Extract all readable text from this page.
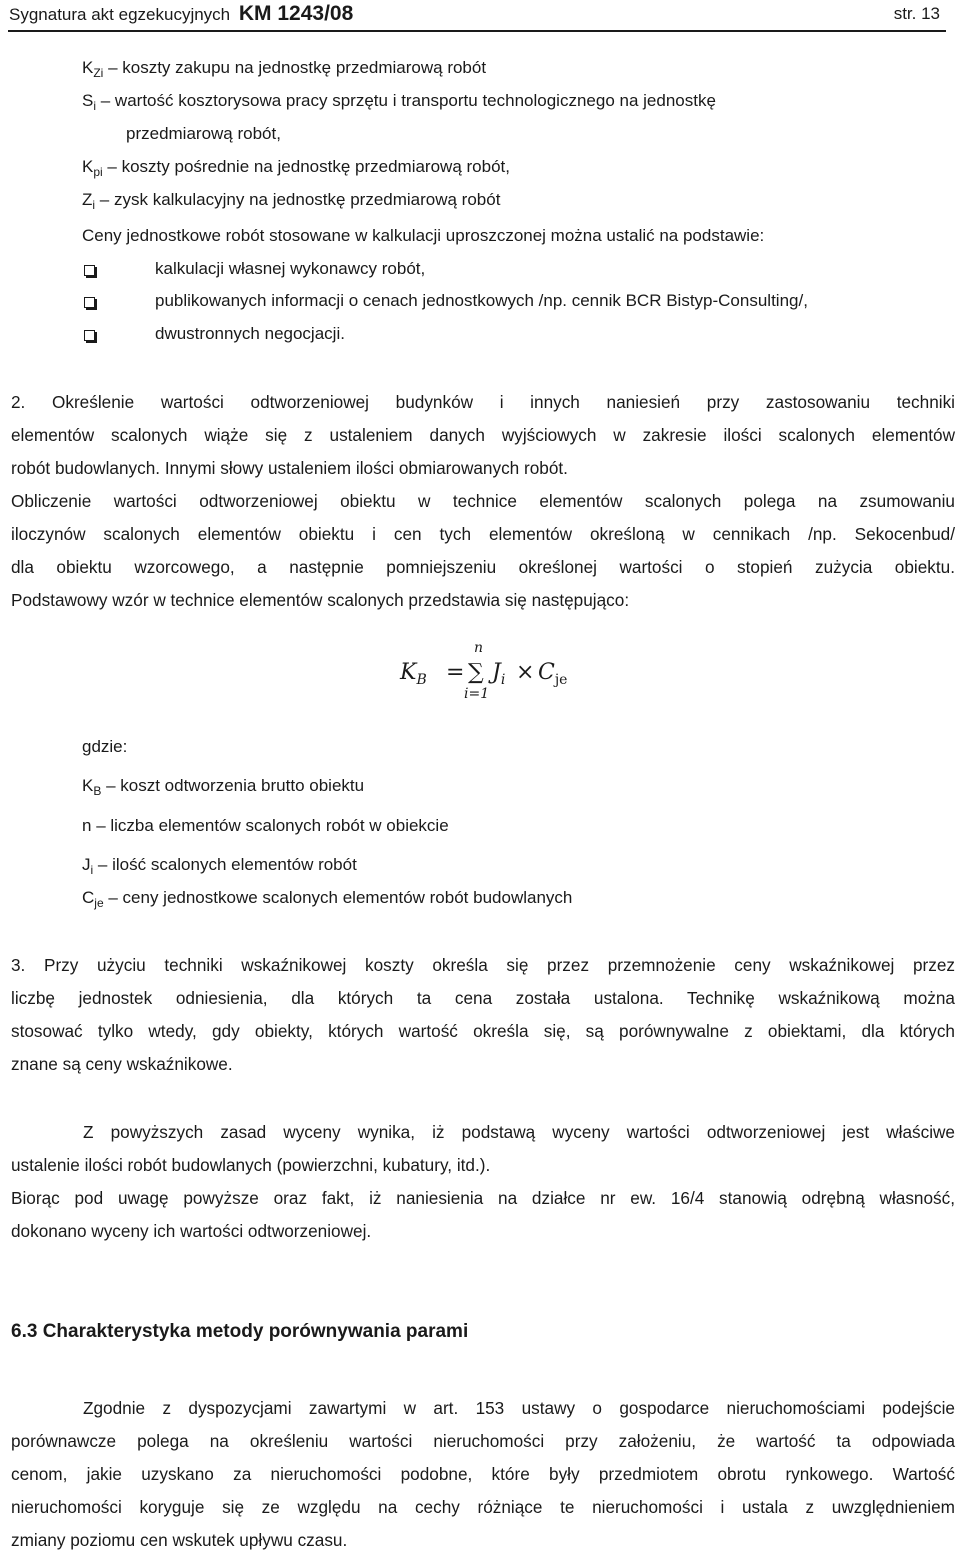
Sygnatura akt egzekucyjnych KM 1243/08	str. 13
$K_{Zi}$ – koszty zakupu na jednostkę przedmiarową robót
$S_i$ – wartość kosztorysowa pracy sprzętu i transportu technologicznego na jednostkę
przedmiarową robót,
$K_{pi}$ – koszty pośrednie na jednostkę przedmiarową robót,
$Z_i$ – zysk kalkulacyjny na jednostkę przedmiarową robót
Ceny jednostkowe robót stosowane w kalkulacji uproszczonej można ustalić na podstawie:
kalkulacji własnej wykonawcy robót,
publikowanych informacji o cenach jednostkowych /np. cennik BCR Bistyp-Consulting/,
dwustronnych negocjacji.
2. Określenie wartości odtworzeniowej budynków i innych naniesień przy zastosowaniu techniki
elementów scalonych wiąże się z ustaleniem danych wyjściowych w zakresie ilości scalonych elementów
robót budowlanych. Innymi słowy ustaleniem ilości obmiarowanych robót.
Obliczenie wartości odtworzeniowej obiektu w technice elementów scalonych polega na zsumowaniu
iloczynów scalonych elementów obiektu i cen tych elementów określoną w cennikach /np. Sekocenbud/
dla obiektu wzorcowego, a następnie pomniejszeniu określonej wartości o stopień zużycia obiektu.
Podstawowy wzór w technice elementów scalonych przedstawia się następująco:
$K_B$ =
n
∑
i=1
$J_i \times C_{je}$
gdzie:
$K_B$ – koszt odtworzenia brutto obiektu
n – liczba elementów scalonych robót w obiekcie
$J_i$ – ilość scalonych elementów robót
$C_{je}$ – ceny jednostkowe scalonych elementów robót budowlanych
3. Przy użyciu techniki wskaźnikowej koszty określa się przez przemnożenie ceny wskaźnikowej przez
liczbę jednostek odniesienia, dla których ta cena została ustalona. Technikę wskaźnikową można
stosować tylko wtedy, gdy obiekty, których wartość określa się, są porównywalne z obiektami, dla których
znane są ceny wskaźnikowe.
Z powyższych zasad wyceny wynika, iż podstawą wyceny wartości odtworzeniowej jest właściwe
ustalenie ilości robót budowlanych (powierzchni, kubatury, itd.).
Biorąc pod uwagę powyższe oraz fakt, iż naniesienia na działce nr ew. 16/4 stanowią odrębną własność,
dokonano wyceny ich wartości odtworzeniowej.
6.3 Charakterystyka metody porównywania parami
Zgodnie z dyspozycjami zawartymi w art. 153 ustawy o gospodarce nieruchomościami podejście
porównawcze polega na określeniu wartości nieruchomości przy założeniu, że wartość ta odpowiada
cenom, jakie uzyskano za nieruchomości podobne, które były przedmiotem obrotu rynkowego. Wartość
nieruchomości koryguje się ze względu na cechy różniące te nieruchomości i ustala z uwzględnieniem
zmiany poziomu cen wskutek upływu czasu.
